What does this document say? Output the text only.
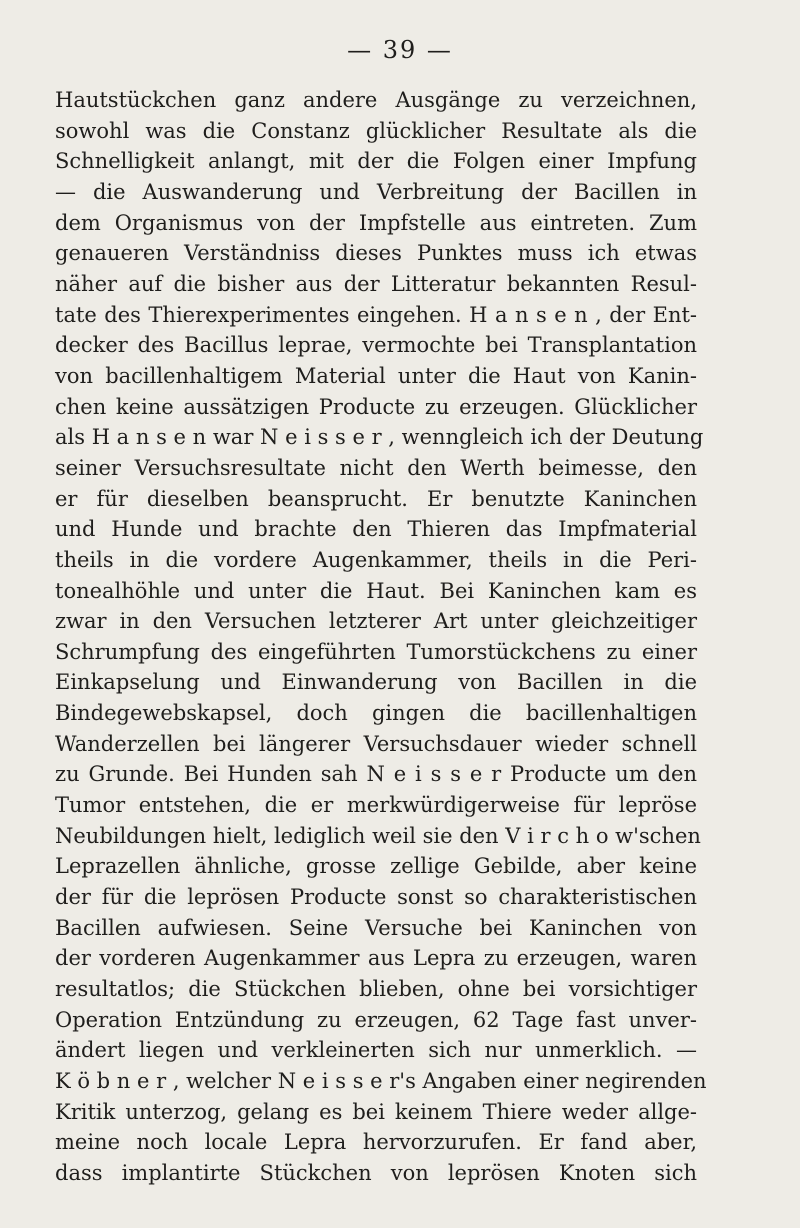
— 39 —
Hautstückchen ganz andere Ausgänge zu verzeichnen,
sowohl was die Constanz glücklicher Resultate als die
Schnelligkeit anlangt, mit der die Folgen einer Impfung
— die Auswanderung und Verbreitung der Bacillen in
dem Organismus von der Impfstelle aus eintreten. Zum
genaueren Verständniss dieses Punktes muss ich etwas
näher auf die bisher aus der Litteratur bekannten Resul-
tate des Thierexperimentes eingehen. H a n s e n , der Ent-
decker des Bacillus leprae, vermochte bei Transplantation
von bacillenhaltigem Material unter die Haut von Kanin-
chen keine aussätzigen Producte zu erzeugen. Glücklicher
als H a n s e n war N e i s s e r , wenngleich ich der Deutung
seiner Versuchsresultate nicht den Werth beimesse, den
er für dieselben beansprucht. Er benutzte Kaninchen
und Hunde und brachte den Thieren das Impfmaterial
theils in die vordere Augenkammer, theils in die Peri-
tonealhöhle und unter die Haut. Bei Kaninchen kam es
zwar in den Versuchen letzterer Art unter gleichzeitiger
Schrumpfung des eingeführten Tumorstückchens zu einer
Einkapselung und Einwanderung von Bacillen in die
Bindegewebskapsel, doch gingen die bacillenhaltigen
Wanderzellen bei längerer Versuchsdauer wieder schnell
zu Grunde. Bei Hunden sah N e i s s e r Producte um den
Tumor entstehen, die er merkwürdigerweise für lepröse
Neubildungen hielt, lediglich weil sie den V i r c h o w'schen
Leprazellen ähnliche, grosse zellige Gebilde, aber keine
der für die leprösen Producte sonst so charakteristischen
Bacillen aufwiesen. Seine Versuche bei Kaninchen von
der vorderen Augenkammer aus Lepra zu erzeugen, waren
resultatlos; die Stückchen blieben, ohne bei vorsichtiger
Operation Entzündung zu erzeugen, 62 Tage fast unver-
ändert liegen und verkleinerten sich nur unmerklich. —
K ö b n e r , welcher N e i s s e r's Angaben einer negirenden
Kritik unterzog, gelang es bei keinem Thiere weder allge-
meine noch locale Lepra hervorzurufen. Er fand aber,
dass implantirte Stückchen von leprösen Knoten sich
